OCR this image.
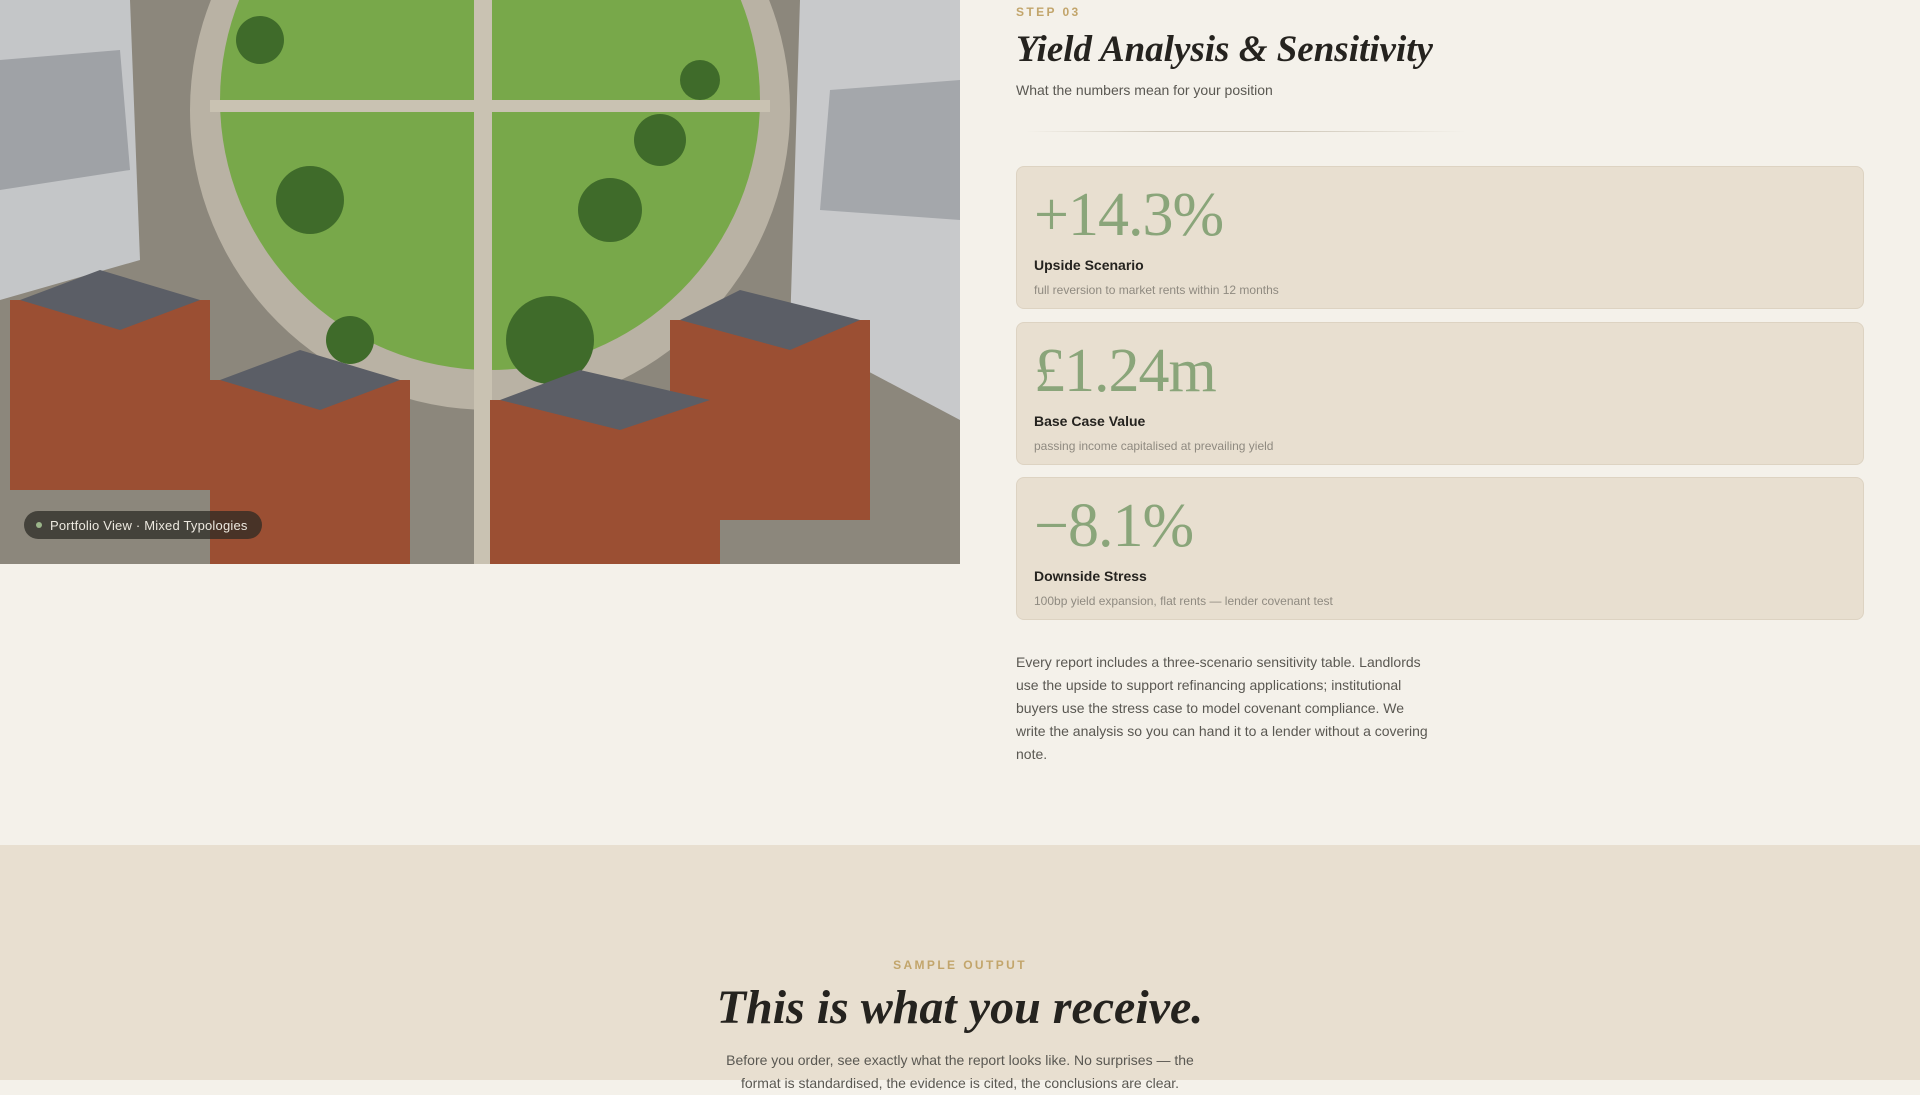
Portfolio View · Mixed Typologies
STEP 03
Yield Analysis & Sensitivity
What the numbers mean for your position
+14.3%
Upside Scenario
full reversion to market rents within 12 months
£1.24m
Base Case Value
passing income capitalised at prevailing yield
−8.1%
Downside Stress
100bp yield expansion, flat rents — lender covenant test

Every report includes a three-scenario sensitivity table. Landlords use the upside to support refinancing applications; institutional buyers use the stress case to model covenant compliance. We write the analysis so you can hand it to a lender without a covering note.

SAMPLE OUTPUT
This is what you receive.

Before you order, see exactly what the report looks like. No surprises — the format is standardised, the evidence is cited, the conclusions are clear.
